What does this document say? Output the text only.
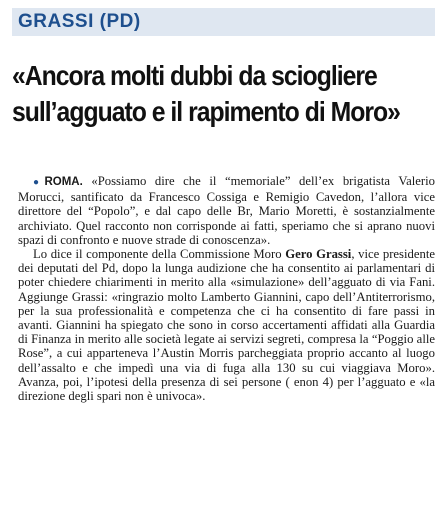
GRASSI (PD)
«Ancora molti dubbi da sciogliere
sull’agguato e il rapimento di Moro»

●ROMA. «Possiamo dire che il “memoriale” dell’ex brigatista Valerio Morucci, santificato da Francesco Cossiga e Remigio Cavedon, l’allora vice direttore del “Popolo”, e dal capo delle Br, Mario Moretti, è sostanzialmente archiviato. Quel racconto non corrisponde ai fatti, speriamo che si aprano nuovi spazi di confronto e nuove strade di conoscenza».

Lo dice il componente della Commissione Moro Gero Grassi, vice presidente dei deputati del Pd, dopo la lunga audizione che ha consentito ai parlamentari di poter chiedere chiarimenti in merito alla «simulazione» dell’agguato di via Fani. Aggiunge Grassi: «ringrazio molto Lamberto Giannini, capo dell’Antiterrorismo, per la sua professionalità e competenza che ci ha consentito di fare passi in avanti. Giannini ha spiegato che sono in corso accertamenti affidati alla Guardia di Finanza in merito alle società legate ai servizi segreti, compresa la “Poggio alle Rose”, a cui apparteneva l’Austin Morris parcheggiata proprio accanto al luogo dell’assalto e che impedì una via di fuga alla 130 su cui viaggiava Moro». Avanza, poi, l’ipotesi della presenza di sei persone ( enon 4) per l’agguato e «la direzione degli spari non è univoca».
